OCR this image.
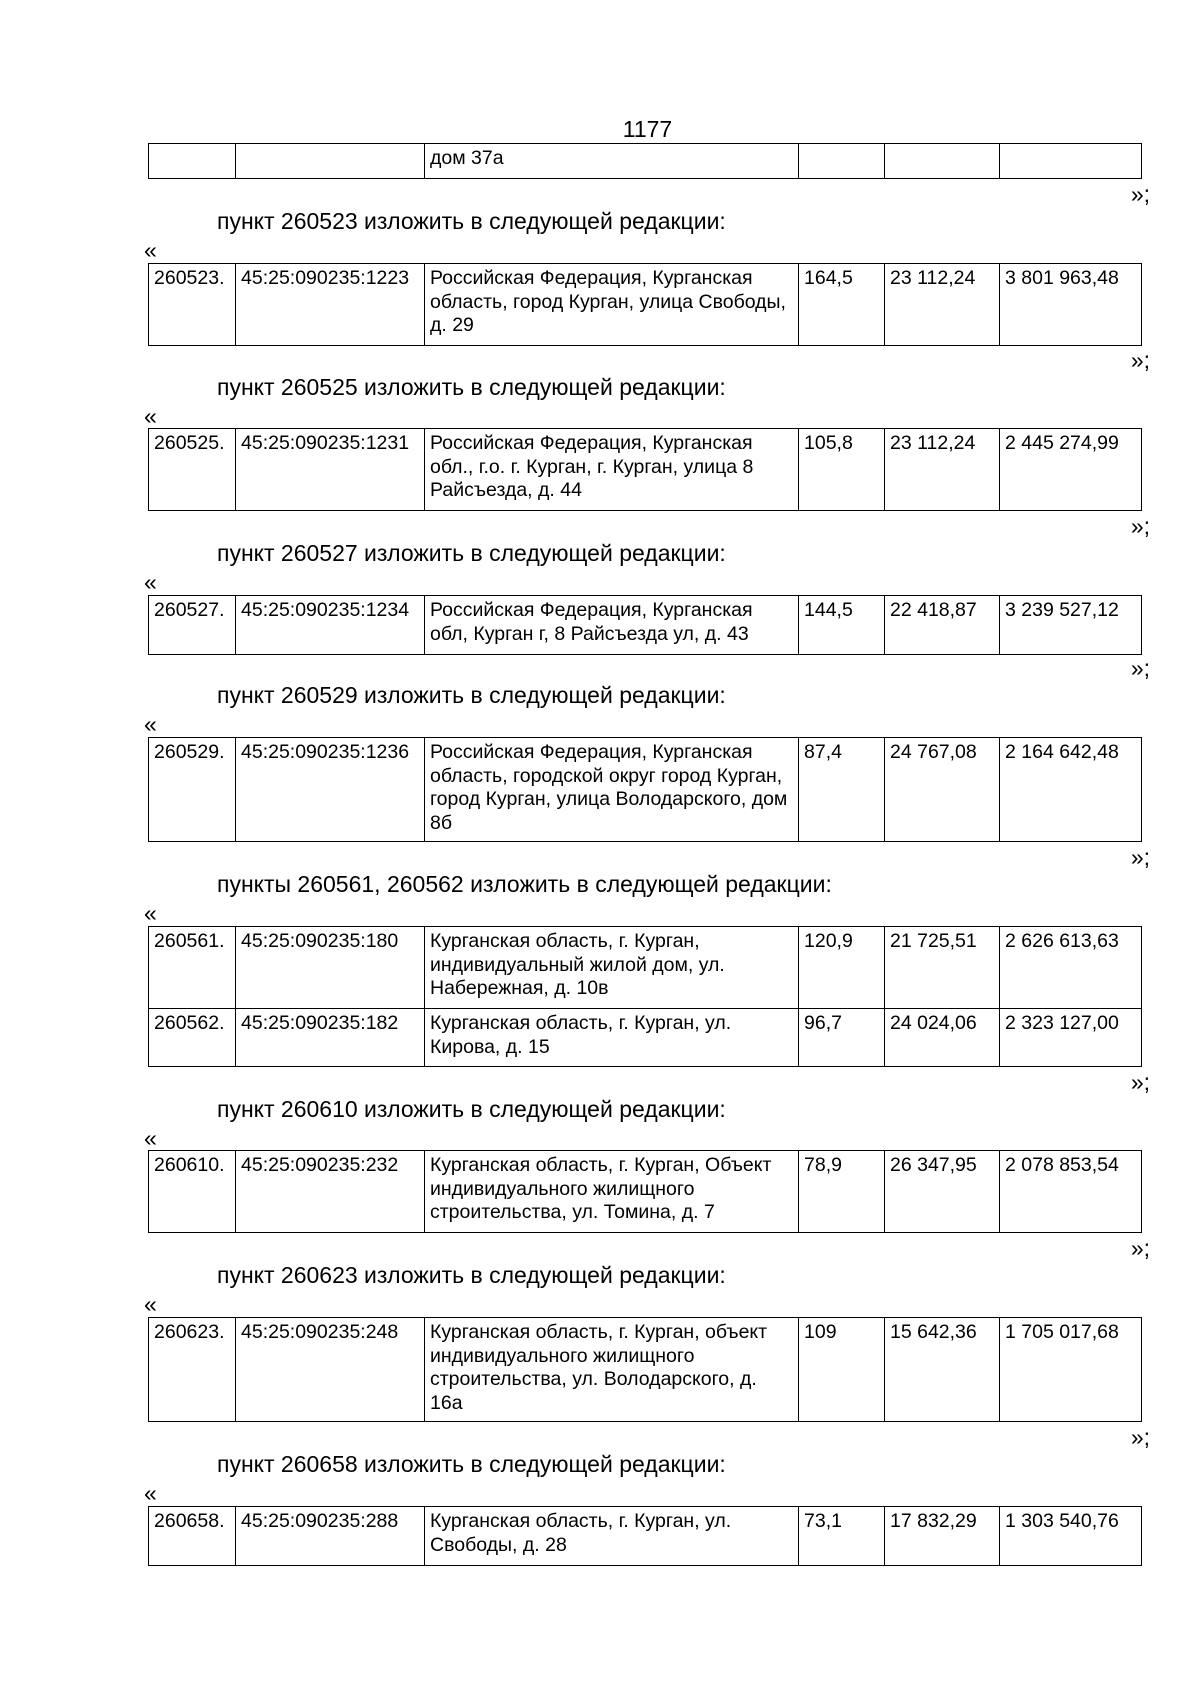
1177
		дом 37а			
»;
пункт 260523 изложить в следующей редакции:
«
260523.	45:25:090235:1223	Российская Федерация, Курганская область, город Курган, улица Свободы, д. 29	164,5	23 112,24	3 801 963,48
»;
пункт 260525 изложить в следующей редакции:
«
260525.	45:25:090235:1231	Российская Федерация, Курганская обл., г.о. г. Курган, г. Курган, улица 8 Райсъезда, д. 44	105,8	23 112,24	2 445 274,99
»;
пункт 260527 изложить в следующей редакции:
«
260527.	45:25:090235:1234	Российская Федерация, Курганская обл, Курган г, 8 Райсъезда ул, д. 43	144,5	22 418,87	3 239 527,12
»;
пункт 260529 изложить в следующей редакции:
«
260529.	45:25:090235:1236	Российская Федерация, Курганская область, городской округ город Курган, город Курган, улица Володарского, дом 8б	87,4	24 767,08	2 164 642,48
»;
пункты 260561, 260562 изложить в следующей редакции:
«
260561.	45:25:090235:180	Курганская область, г. Курган, индивидуальный жилой дом, ул. Набережная, д. 10в	120,9	21 725,51	2 626 613,63
260562.	45:25:090235:182	Курганская область, г. Курган, ул. Кирова, д. 15	96,7	24 024,06	2 323 127,00
»;
пункт 260610 изложить в следующей редакции:
«
260610.	45:25:090235:232	Курганская область, г. Курган, Объект индивидуального жилищного строительства, ул. Томина, д. 7	78,9	26 347,95	2 078 853,54
»;
пункт 260623 изложить в следующей редакции:
«
260623.	45:25:090235:248	Курганская область, г. Курган, объект индивидуального жилищного строительства, ул. Володарского, д. 16а	109	15 642,36	1 705 017,68
»;
пункт 260658 изложить в следующей редакции:
«
260658.	45:25:090235:288	Курганская область, г. Курган, ул. Свободы, д. 28	73,1	17 832,29	1 303 540,76
